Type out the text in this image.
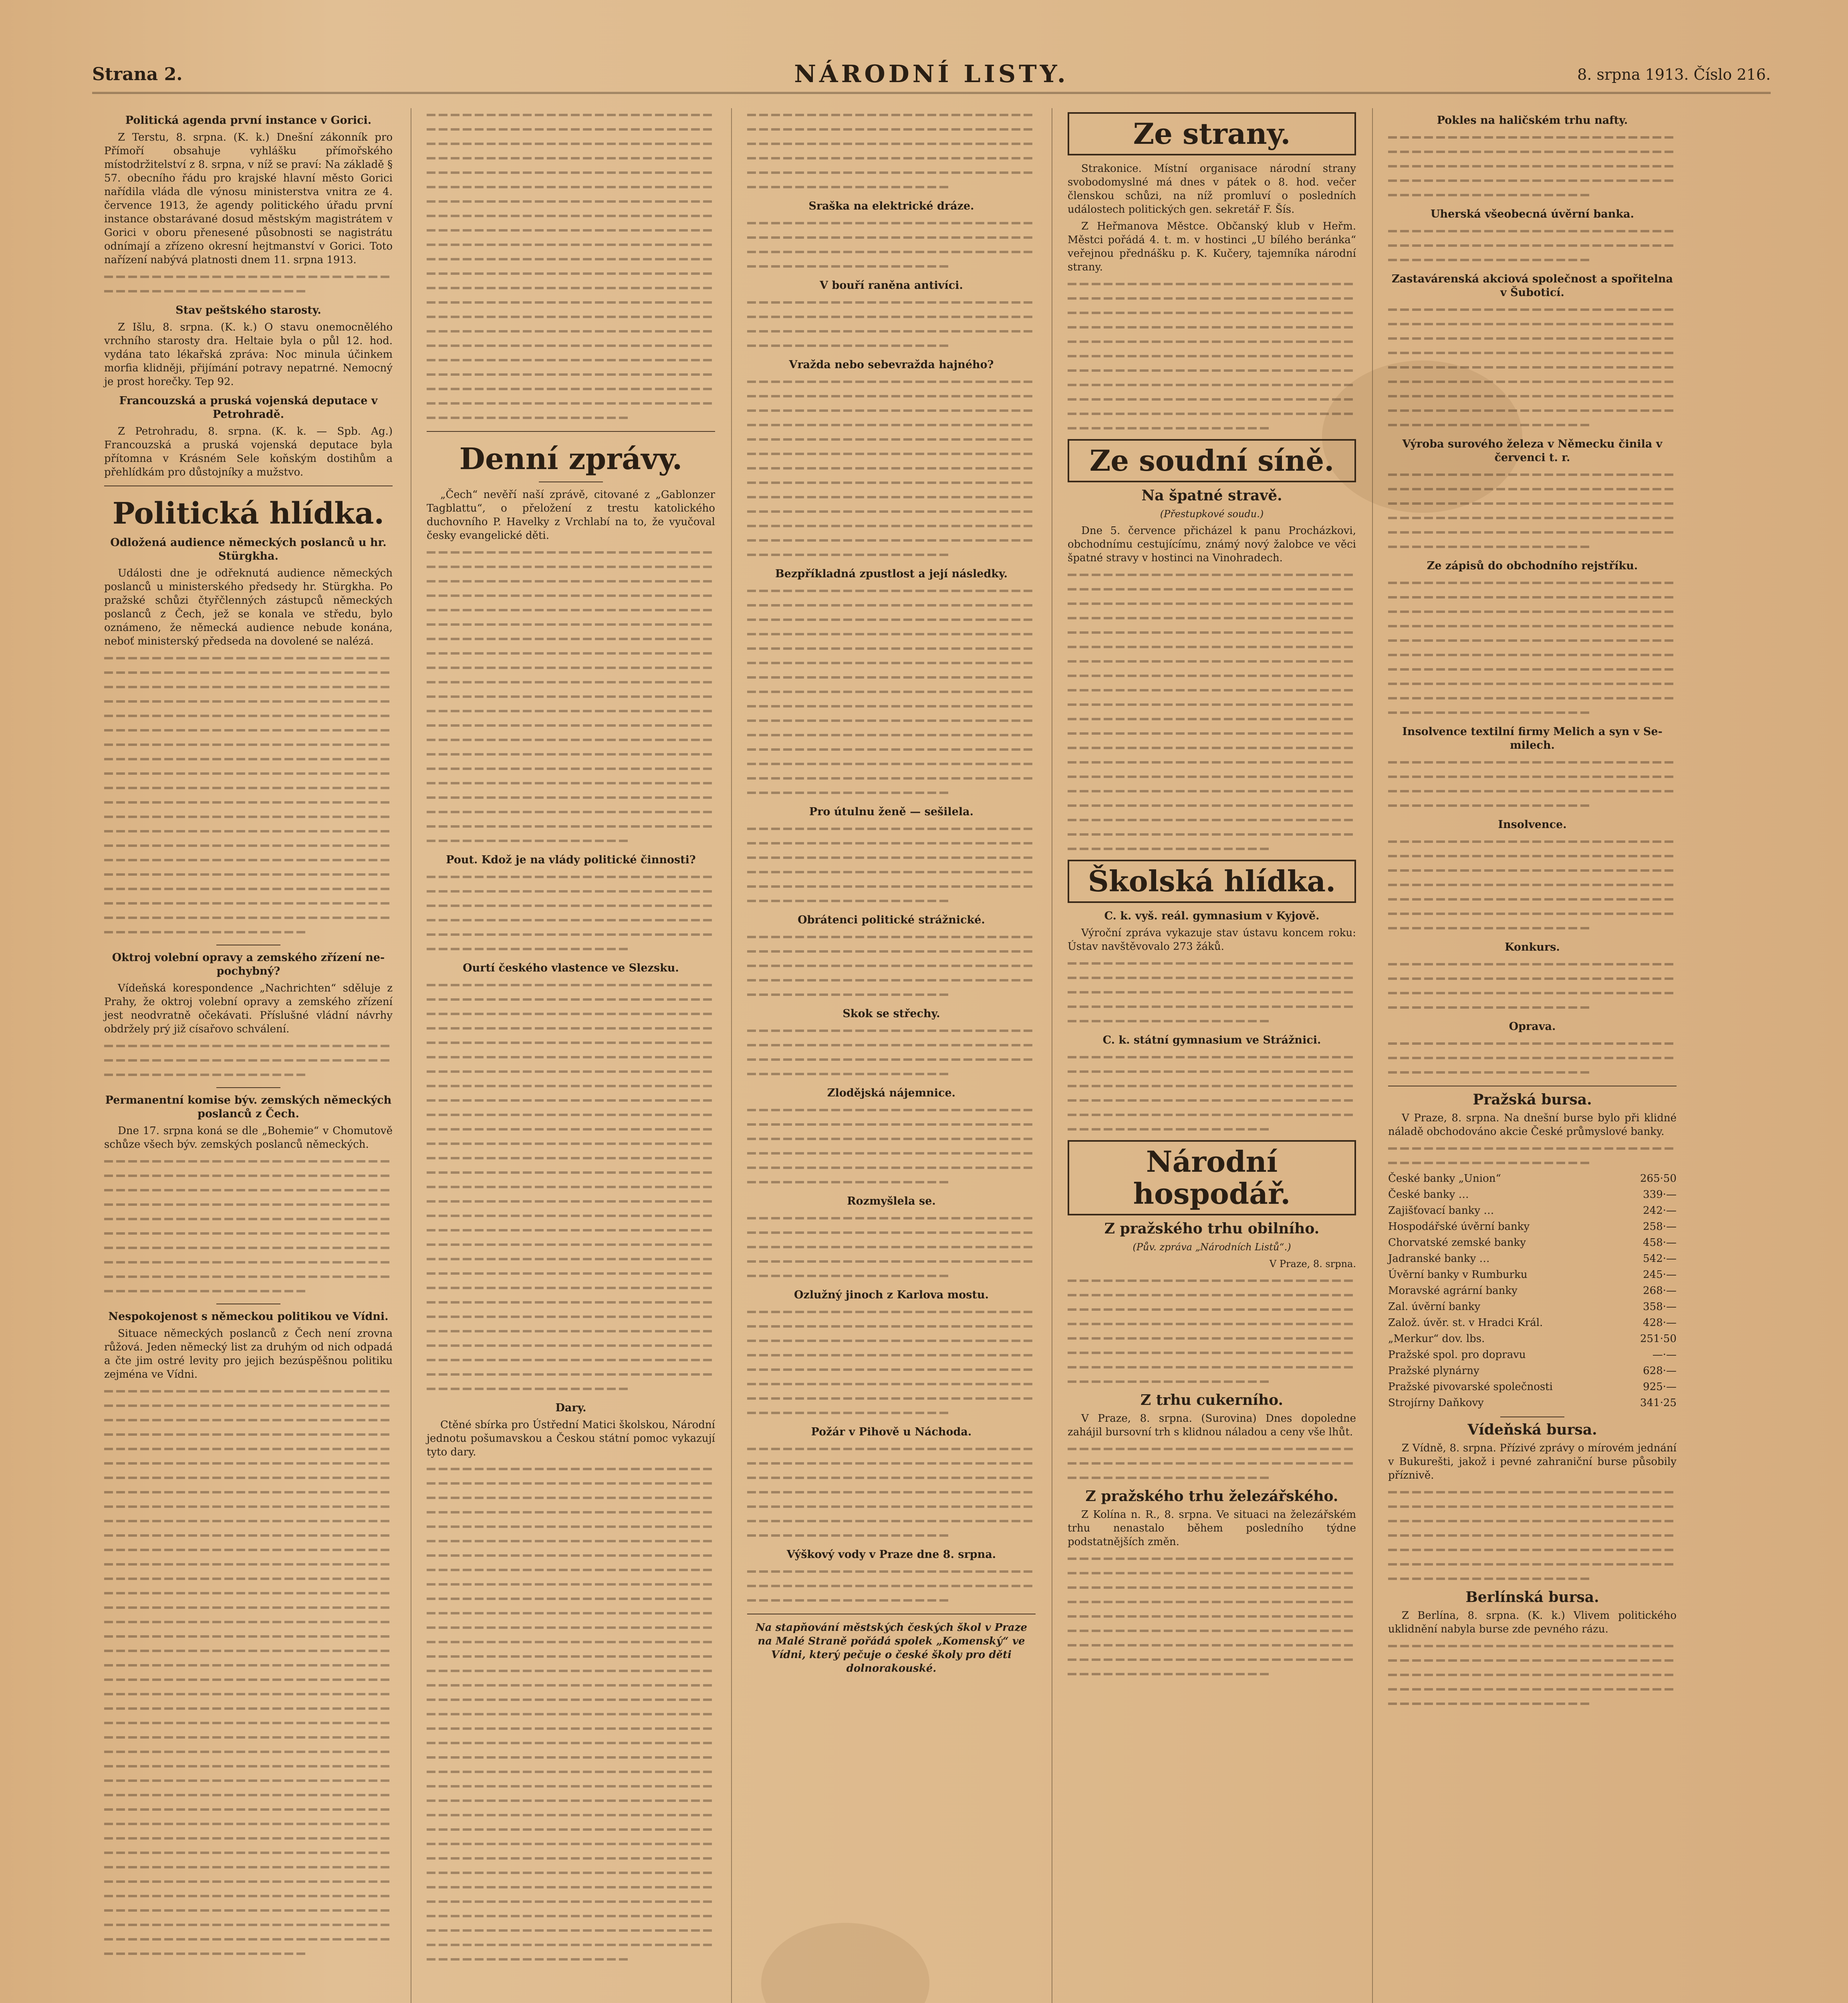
Strana 2.	NÁRODNÍ LISTY.	8. srpna 1913. Číslo 216.
Politická agenda první instance v Gorici.

Z Terstu, 8. srpna. (K. k.) Dnešní zákonník pro Přímoří obsahuje vyhlášku přímořského místodržitelství z 8. srpna, v níž se praví: Na základě § 57. obecního řádu pro krajské hlavní město Gorici nařídila vláda dle výnosu ministerstva vnitra ze 4. července 1913, že agendy politického úřadu první instance obstarávané dosud městským magistrátem v Gorici v oboru přenesené působnosti se nagistrátu odnímají a zřízeno okresní hejtmanství v Gorici. Toto nařízení nabývá platnosti dnem 11. srpna 1913.

Stav peštského starosty.

Z Išlu, 8. srpna. (K. k.) O stavu onemocnělého vrchního starosty dra. Heltaie byla o půl 12. hod. vydána tato lékařská zpráva: Noc minula účinkem morfia klidněji, přijímání potravy nepatrné. Nemocný je prost horečky. Tep 92.

Francouzská a pruská vojenská deputace v Petrohradě.

Z Petrohradu, 8. srpna. (K. k. — Spb. Ag.) Francouzská a pruská vojenská deputace byla přítomna v Krásném Sele koňským dostihům a přehlídkám pro důstojníky a mužstvo.

Politická hlídka.
Odložená audience německých poslanců u hr. Stürgkha.

Události dne je odřeknutá audience německých poslanců u ministerského předsedy hr. Stürgkha. Po pražské schůzi čtyřčlenných zástupců německých poslanců z Čech, jež se konala ve středu, bylo oznámeno, že německá audience nebude konána, neboť ministerský předseda na dovolené se nalézá.

Oktroj volební opravy a zemského zřízení ne-pochybný?

Vídeňská korespondence „Nachrichten“ sděluje z Prahy, že oktroj volební opravy a zemského zřízení jest neodvratně očekávati. Příslušné vládní návrhy obdržely prý již císařovo schválení.

Permanentní komise býv. zemských německých poslanců z Čech.

Dne 17. srpna koná se dle „Bohemie“ v Chomutově schůze všech býv. zemských poslanců německých.

Nespokojenost s německou politikou ve Vídni.

Situace německých poslanců z Čech není zrovna růžová. Jeden německý list za druhým od nich odpadá a čte jim ostré levity pro jejich bezúspěšnou politiku zejména ve Vídni.

Denní zprávy.

„Čech“ nevěří naší zprávě, citované z „Gablonzer Tagblattu“, o přeložení z trestu katolického duchovního P. Havelky z Vrchlabí na to, že vyučoval česky evangelické děti.

Pout. Kdož je na vlády politické činnosti?
Ourtí českého vlastence ve Slezsku.
Dary.

Ctěné sbírka pro Ústřední Matici školskou, Národní jednotu pošumavskou a Českou státní pomoc vykazují tyto dary.

Sraška na elektrické dráze.
V bouří raněna antivíci.
Vražda nebo sebevražda hajného?
Bezpříkladná zpustlost a její následky.
Pro útulnu ženě — sešilela.
Obrátenci politické strážnické.
Skok se střechy.
Zlodějská nájemnice.
Rozmyšlela se.
Ozlužný jinoch z Karlova mostu.
Požár v Pihově u Náchoda.
Výškový vody v Praze dne 8. srpna.

Na stapňování městských českých škol v Praze na Malé Straně pořádá spolek „Komenský“ ve Vídni, který pečuje o české školy pro děti dolnorakouské.

Ze strany.

Strakonice. Místní organisace národní strany svobodomyslné má dnes v pátek o 8. hod. večer členskou schůzi, na níž promluví o posledních událostech politických gen. sekretář F. Šís.

Z Heřmanova Městce. Občanský klub v Heřm. Městci pořádá 4. t. m. v hostinci „U bílého beránka“ veřejnou přednášku p. K. Kučery, tajemníka národní strany.

Ze soudní síně.
Na špatné stravě.
(Přestupkové soudu.)

Dne 5. července přicházel k panu Procházkovi, obchodnímu cestujícímu, známý nový žalobce ve věci špatné stravy v hostinci na Vinohradech.

Školská hlídka.
C. k. vyš. reál. gymnasium v Kyjově.

Výroční zpráva vykazuje stav ústavu koncem roku: Ústav navštěvovalo 273 žáků.

C. k. státní gymnasium ve Strážnici.
Národní hospodář.
Z pražského trhu obilního.
(Pův. zpráva „Národních Listů“.)
V Praze, 8. srpna.
Z trhu cukerního.

V Praze, 8. srpna. (Surovina) Dnes dopoledne zahájil bursovní trh s klidnou náladou a ceny vše lhůt.

Z pražského trhu železářského.

Z Kolína n. R., 8. srpna. Ve situaci na železářském trhu nenastalo během posledního týdne podstatnějších změn.

Pokles na haličském trhu nafty.
Uherská všeobecná úvěrní banka.
Zastavárenská akciová společnost a spořitelna v Šuboticí.
Výroba surového železa v Německu činila v červenci t. r.
Ze zápisů do obchodního rejstříku.
Insolvence textilní firmy Melich a syn v Se-milech.
Insolvence.
Konkurs.
Oprava.
Pražská bursa.

V Praze, 8. srpna. Na dnešní burse bylo při klidné náladě obchodováno akcie České průmyslové banky.

České banky „Union“	265·50
České banky …	339·—
Zajišťovací banky …	242·—
Hospodářské úvěrní banky	258·—
Chorvatské zemské banky	458·—
Jadranské banky …	542·—
Úvěrní banky v Rumburku	245·—
Moravské agrární banky	268·—
Zal. úvěrní banky	358·—
Založ. úvěr. st. v Hradci Král.	428·—
„Merkur“ dov. lbs.	251·50
Pražské spol. pro dopravu	—·—
Pražské plynárny	628·—
Pražské pivovarské společnosti	925·—
Strojírny Daňkovy	341·25
Vídeňská bursa.

Z Vídně, 8. srpna. Přízivé zprávy o mírovém jednání v Bukurešti, jakož i pevné zahraniční burse působily příznivě.

Berlínská bursa.

Z Berlína, 8. srpna. (K. k.) Vlivem politického uklidnění nabyla burse zde pevného rázu.
